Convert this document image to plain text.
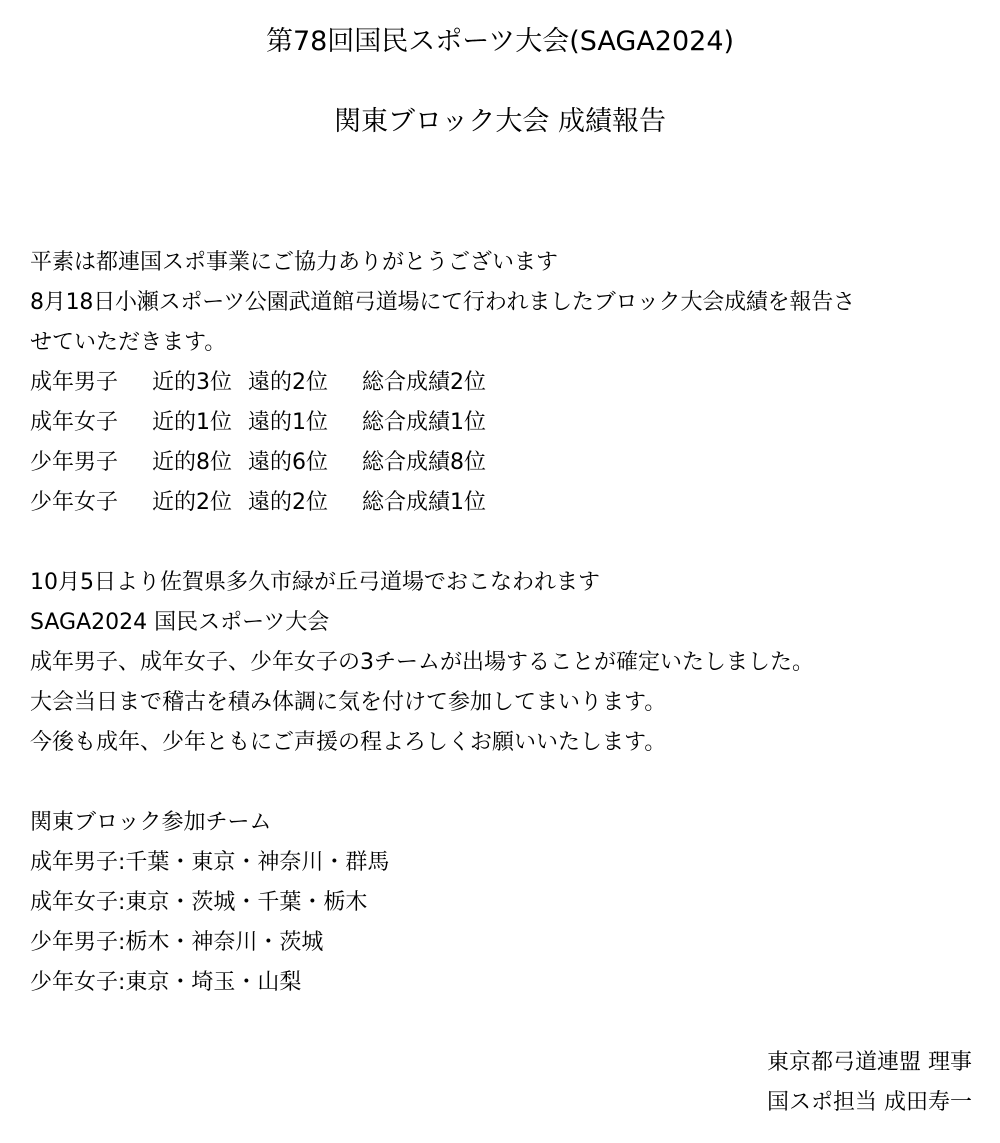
第78回国民スポーツ大会(SAGA2024)
関東ブロック大会 成績報告
平素は都連国スポ事業にご協力ありがとうございます
8月18日小瀬スポーツ公園武道館弓道場にて行われましたブロック大会成績を報告さ
せていただきます。
成年男子 近的3位 遠的2位 総合成績2位
成年女子 近的1位 遠的1位 総合成績1位
少年男子 近的8位 遠的6位 総合成績8位
少年女子 近的2位 遠的2位 総合成績1位
10月5日より佐賀県多久市緑が丘弓道場でおこなわれます
SAGA2024 国民スポーツ大会
成年男子、成年女子、少年女子の3チームが出場することが確定いたしました。
大会当日まで稽古を積み体調に気を付けて参加してまいります。
今後も成年、少年ともにご声援の程よろしくお願いいたします。
関東ブロック参加チーム
成年男子:千葉・東京・神奈川・群馬
成年女子:東京・茨城・千葉・栃木
少年男子:栃木・神奈川・茨城
少年女子:東京・埼玉・山梨
東京都弓道連盟 理事
国スポ担当 成田寿一
